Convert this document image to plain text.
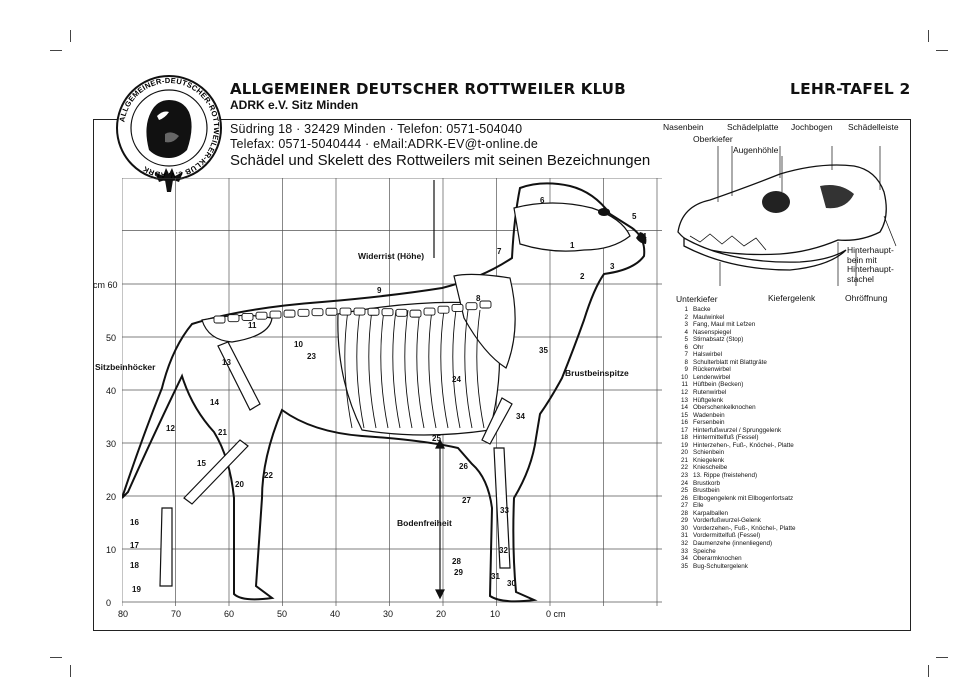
ALLGEMEINER DEUTSCHER ROTTWEILER KLUB
ADRK e.V. Sitz Minden
LEHR-TAFEL 2
Südring 18 · 32429 Minden · Telefon: 0571-504040
Telefax: 0571-5040444 · eMail:ADRK-EV@t-online.de
Schädel und Skelett des Rottweilers mit seinen Bezeichnungen
ALLGEMEINER-DEUTSCHER-ROTTWEILER-KLUB e.V. ADRK
cm 60
50
40
30
20
10
0
80	70	60	50	40	30	20	10	0 cm
Widerrist (Höhe)
Sitzbeinhöcker
Brustbeinspitze
Bodenfreiheit
1
2
3
4
5
6
7
8
9
10
11
12
13
14
15
16
17
18
19
20
21
22
23
24
25
26
27
28
29
30
31
32
33
34
35
Nasenbein	Schädelplatte Jochbogen Schädelleiste
Oberkiefer
Augenhöhle
Hinterhaupt-
bein mit
Hinterhaupt-
stachel
Unterkiefer	Kiefergelenk	Ohröffnung
1 Backe
2 Maulwinkel
3 Fang, Maul mit Lefzen
4 Nasenspiegel
5 Stirnabsatz (Stop)
6 Ohr
7 Halswirbel
8 Schulterblatt mit Blattgräte
9 Rückenwirbel
10 Lendenwirbel
11 Hüftbein (Becken)
12 Rutenwirbel
13 Hüftgelenk
14 Oberschenkelknochen
15 Wadenbein
16 Fersenbein
17 Hinterfußwurzel / Sprunggelenk
18 Hintermittelfuß (Fessel)
19 Hinterzehen-, Fuß-, Knöchel-, Platte
20 Schienbein
21 Kniegelenk
22 Kniescheibe
23 13. Rippe (freistehend)
24 Brustkorb
25 Brustbein
26 Ellbogengelenk mit Ellbogenfortsatz
27 Elle
28 Karpalballen
29 Vorderfußwurzel-Gelenk
30 Vorderzehen-, Fuß-, Knöchel-, Platte
31 Vordermittelfuß (Fessel)
32 Daumenzehe (innenliegend)
33 Speiche
34 Oberarmknochen
35 Bug-Schultergelenk
